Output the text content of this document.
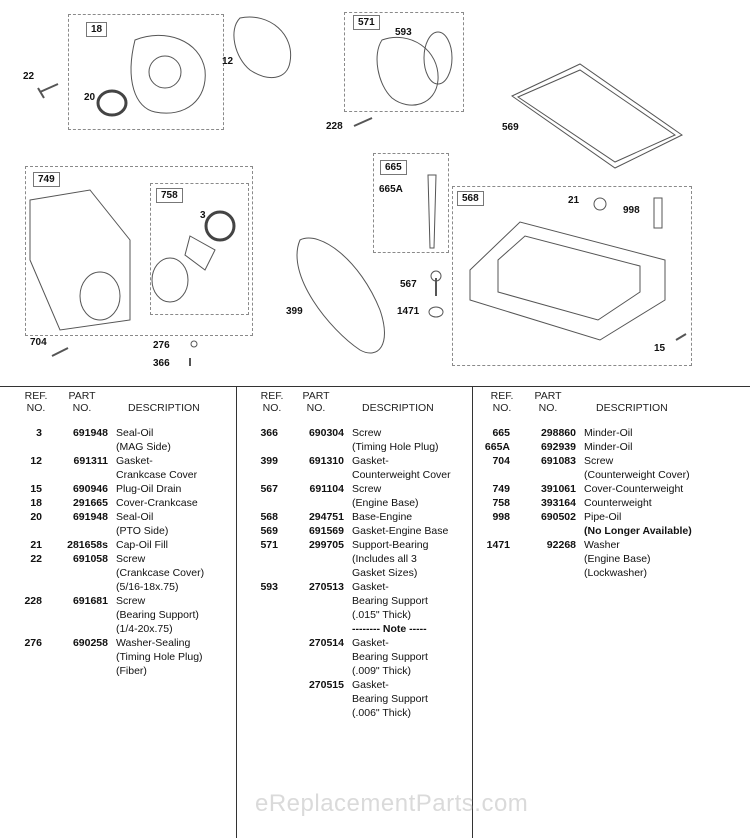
18
22
20
12
571
593
228	569
749
758
3
704	276
366
399
665
665A
567
1471
568	21
998
15
eReplacementParts.com
REF.
NO.
PART
NO.	DESCRIPTION
REF.
NO.
PART
NO.	DESCRIPTION
REF.
NO.
PART
NO.	DESCRIPTION
3	691948 Seal-Oil
(MAG Side)
12	691311 Gasket-
Crankcase Cover
15	690946 Plug-Oil Drain
18	291665 Cover-Crankcase
20	691948 Seal-Oil
(PTO Side)
21	281658s Cap-Oil Fill
22	691058 Screw
(Crankcase Cover)
(5/16-18x.75)
228	691681 Screw
(Bearing Support)
(1/4-20x.75)
276	690258 Washer-Sealing
(Timing Hole Plug)
(Fiber)
366	690304 Screw
(Timing Hole Plug)
399	691310 Gasket-
Counterweight Cover
567	691104 Screw
(Engine Base)
568	294751 Base-Engine
569	691569 Gasket-Engine Base
571	299705 Support-Bearing
(Includes all 3
Gasket Sizes)
593	270513 Gasket-
Bearing Support
(.015" Thick)
-------- Note -----
270514 Gasket-
Bearing Support
(.009" Thick)
270515 Gasket-
Bearing Support
(.006" Thick)
665	298860 Minder-Oil
665A	692939 Minder-Oil
704	691083 Screw
(Counterweight Cover)
749	391061 Cover-Counterweight
758	393164 Counterweight
998	690502 Pipe-Oil
(No Longer Available)
1471	92268 Washer
(Engine Base)
(Lockwasher)
